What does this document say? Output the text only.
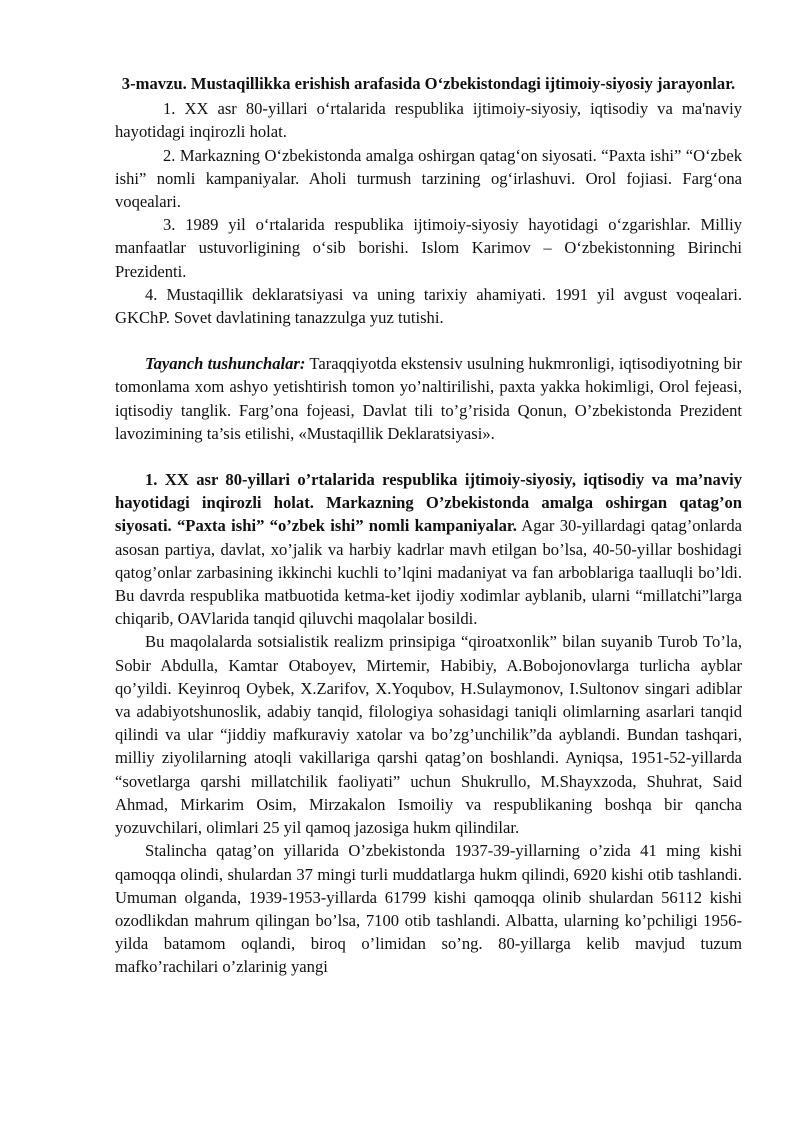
3-mavzu. Mustaqillikka erishish arafasida O‘zbekistondagi ijtimoiy-siyosiy jarayonlar.

1. XX asr 80-yillari o‘rtalarida respublika ijtimoiy-siyosiy, iqtisodiy va ma'naviy hayotidagi inqirozli holat.

2. Markazning O‘zbekistonda amalga oshirgan qatag‘on siyosati. “Paxta ishi” “O‘zbek ishi” nomli kampaniyalar. Aholi turmush tarzining og‘irlashuvi. Orol fojiasi. Farg‘ona voqealari.

3. 1989 yil o‘rtalarida respublika ijtimoiy-siyosiy hayotidagi o‘zgarishlar. Milliy manfaatlar ustuvorligining o‘sib borishi. Islom Karimov – O‘zbekistonning Birinchi Prezidenti.

4. Mustaqillik deklaratsiyasi va uning tarixiy ahamiyati. 1991 yil avgust voqealari. GKChP. Sovet davlatining tanazzulga yuz tutishi.

Tayanch tushunchalar: Taraqqiyotda ekstensiv usulning hukmronligi, iqtisodiyotning bir tomonlama xom ashyo yetishtirish tomon yo’naltirilishi, paxta yakka hokimligi, Orol fejeasi, iqtisodiy tanglik. Farg’ona fojeasi, Davlat tili to’g’risida Qonun, O’zbekistonda Prezident lavozimining ta’sis etilishi, «Mustaqillik Deklaratsiyasi».

1. XX asr 80-yillari o’rtalarida respublika ijtimoiy-siyosiy, iqtisodiy va ma’naviy hayotidagi inqirozli holat. Markazning O’zbekistonda amalga oshirgan qatag’on siyosati. “Paxta ishi” “o’zbek ishi” nomli kampaniyalar. Agar 30-yillardagi qatag’onlarda asosan partiya, davlat, xo’jalik va harbiy kadrlar mavh etilgan bo’lsa, 40-50-yillar boshidagi qatog’onlar zarbasining ikkinchi kuchli to’lqini madaniyat va fan arboblariga taalluqli bo’ldi. Bu davrda respublika matbuotida ketma-ket ijodiy xodimlar ayblanib, ularni “millatchi”larga chiqarib, OAVlarida tanqid qiluvchi maqolalar bosildi.

Bu maqolalarda sotsialistik realizm prinsipiga “qiroatxonlik” bilan suyanib Turob To’la, Sobir Abdulla, Kamtar Otaboyev, Mirtemir, Habibiy, A.Bobojonovlarga turlicha ayblar qo’yildi. Keyinroq Oybek, X.Zarifov, X.Yoqubov, H.Sulaymonov, I.Sultonov singari adiblar va adabiyotshunoslik, adabiy tanqid, filologiya sohasidagi taniqli olimlarning asarlari tanqid qilindi va ular “jiddiy mafkuraviy xatolar va bo’zg’unchilik”da ayblandi. Bundan tashqari, milliy ziyolilarning atoqli vakillariga qarshi qatag’on boshlandi. Ayniqsa, 1951-52-yillarda “sovetlarga qarshi millatchilik faoliyati” uchun Shukrullo, M.Shayxzoda, Shuhrat, Said Ahmad, Mirkarim Osim, Mirzakalon Ismoiliy va respublikaning boshqa bir qancha yozuvchilari, olimlari 25 yil qamoq jazosiga hukm qilindilar.

Stalincha qatag’on yillarida O’zbekistonda 1937-39-yillarning o’zida 41 ming kishi qamoqqa olindi, shulardan 37 mingi turli muddatlarga hukm qilindi, 6920 kishi otib tashlandi. Umuman olganda, 1939-1953-yillarda 61799 kishi qamoqqa olinib shulardan 56112 kishi ozodlikdan mahrum qilingan bo’lsa, 7100 otib tashlandi. Albatta, ularning ko’pchiligi 1956-yilda batamom oqlandi, biroq o’limidan so’ng. 80-yillarga kelib mavjud tuzum mafko’rachilari o’zlarinig yangi
